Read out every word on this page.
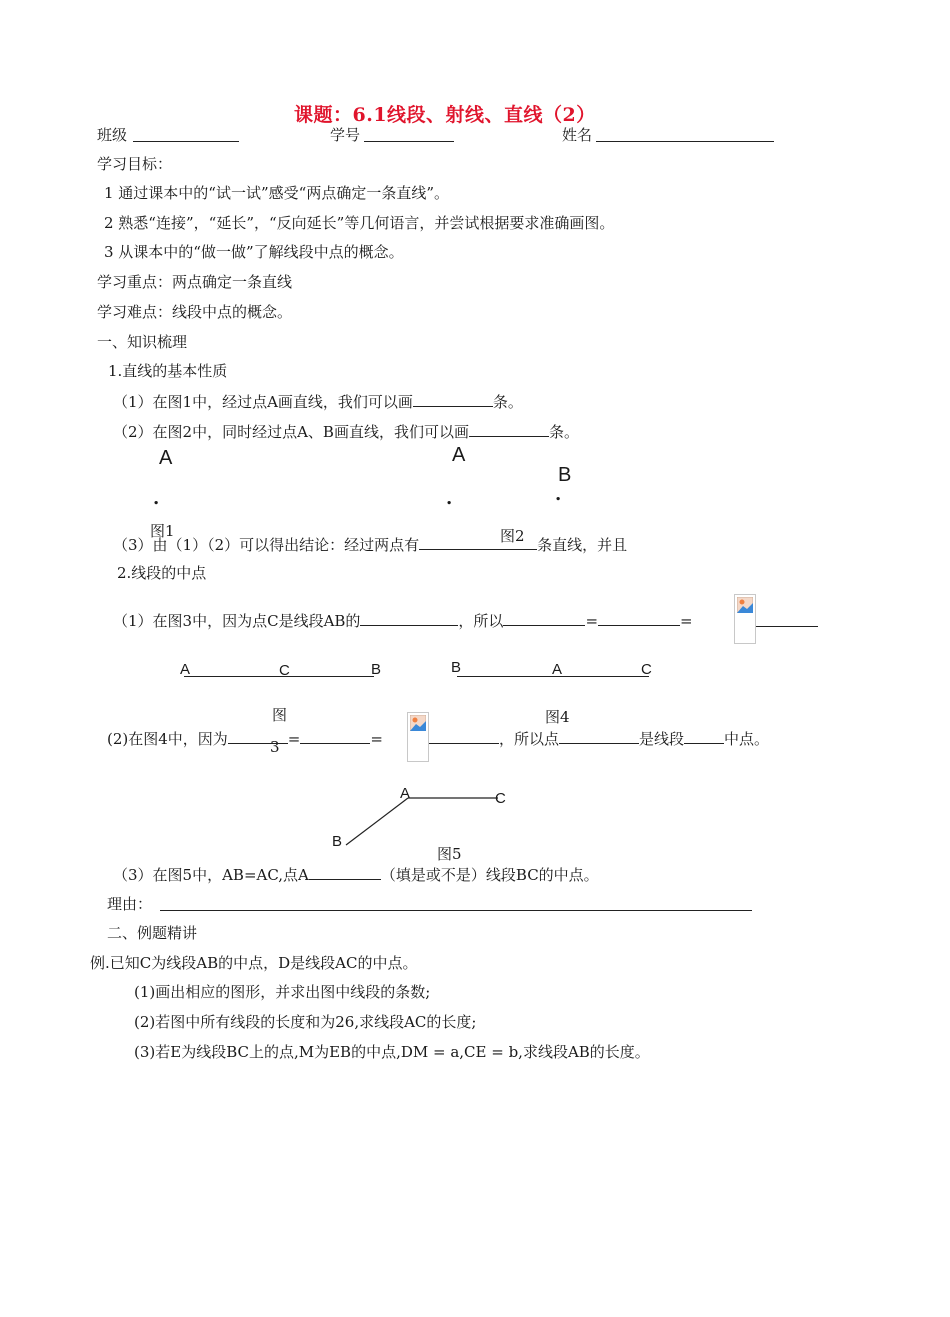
课题：6.1线段、射线、直线（2）
班级	学号	姓名
学习目标：
1 通过课本中的“试一试”感受“两点确定一条直线”。
2 熟悉“连接”，“延长”，“反向延长”等几何语言，并尝试根据要求准确画图。
3 从课本中的“做一做”了解线段中点的概念。
学习重点：两点确定一条直线
学习难点：线段中点的概念。
一、知识梳理
1.直线的基本性质
（1）在图1中，经过点A画直线，我们可以画	条。
（2）在图2中，同时经过点A、B画直线，我们可以画	条。
A
.
A
.
B
.
图1	图2
（3）由（1）（2）可以得出结论：经过两点有	条直线，并且
2.线段的中点
（1）在图3中，因为点C是线段AB的	，所以	=	=
A	C	B
图
3
B	A	C
图4
(2)在图4中，因为	=	=	，所以点	是线段	中点。
A	C
B
图5
（3）在图5中，AB=AC,点A	（填是或不是）线段BC的中点。
理由：
二、例题精讲
例.已知C为线段AB的中点，D是线段AC的中点。
(1)画出相应的图形，并求出图中线段的条数;
(2)若图中所有线段的长度和为26,求线段AC的长度;
(3)若E为线段BC上的点,M为EB的中点,DM = a,CE = b,求线段AB的长度。
